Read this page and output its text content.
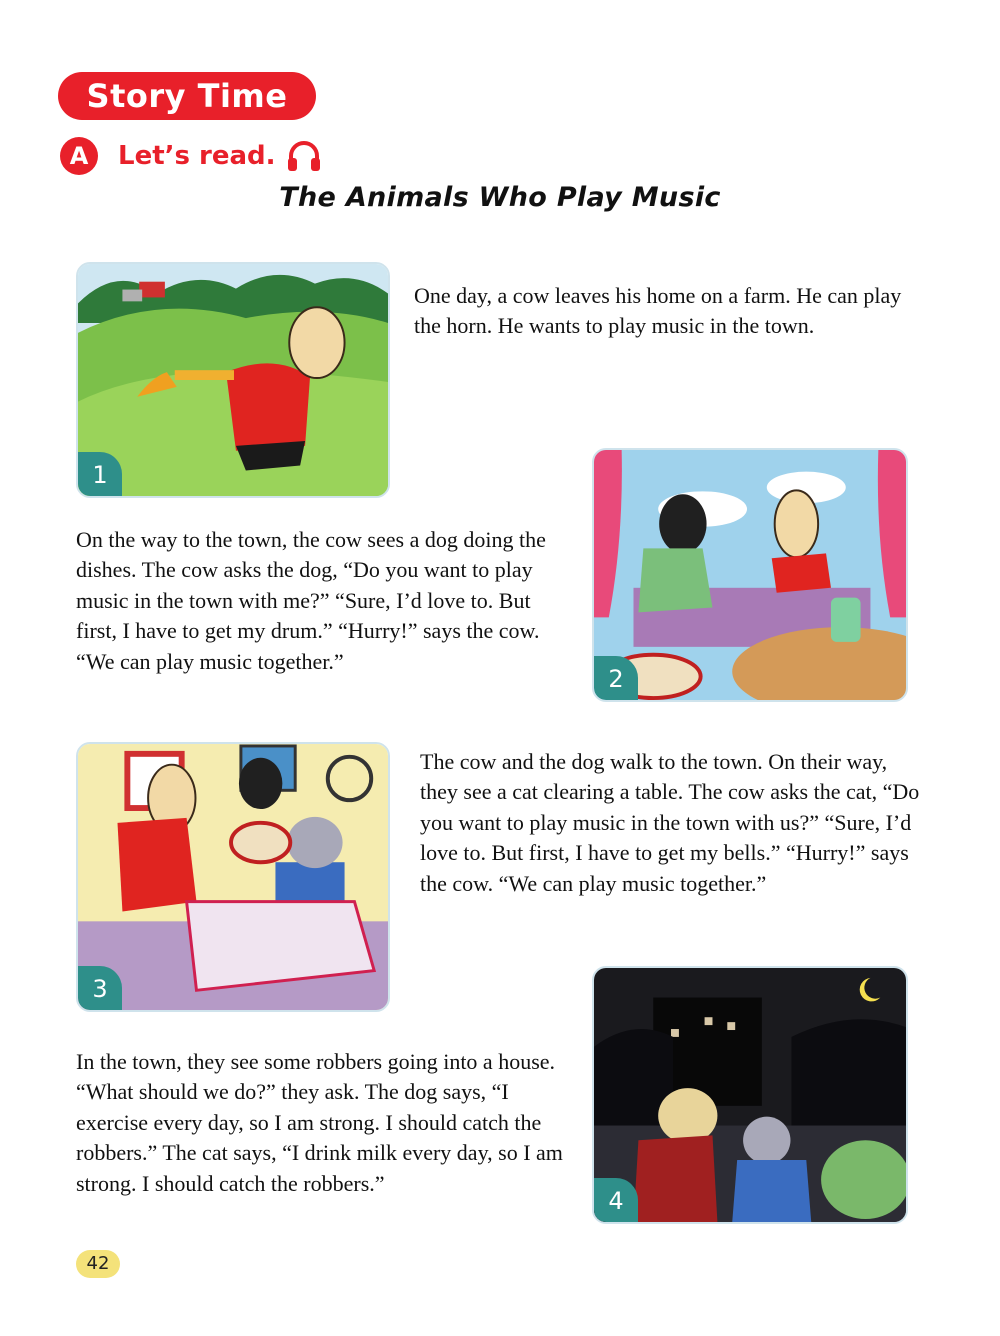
Story Time
A	Let’s read.
The Animals Who Play Music
1

One day, a cow leaves his home on a farm. He can play the horn. He wants to play music in the town.

On the way to the town, the cow sees a dog doing the dishes. The cow asks the dog, “Do you want to play music in the town with me?” “Sure, I’d love to. But first, I have to get my drum.” “Hurry!” says the cow. “We can play music together.”

2
3

The cow and the dog walk to the town. On their way, they see a cat clearing a table. The cow asks the cat, “Do you want to play music in the town with us?” “Sure, I’d love to. But first, I have to get my bells.” “Hurry!” says the cow. “We can play music together.”

In the town, they see some robbers going into a house. “What should we do?” they ask. The dog says, “I exercise every day, so I am strong. I should catch the robbers.” The cat says, “I drink milk every day, so I am strong. I should catch the robbers.”

4
42
